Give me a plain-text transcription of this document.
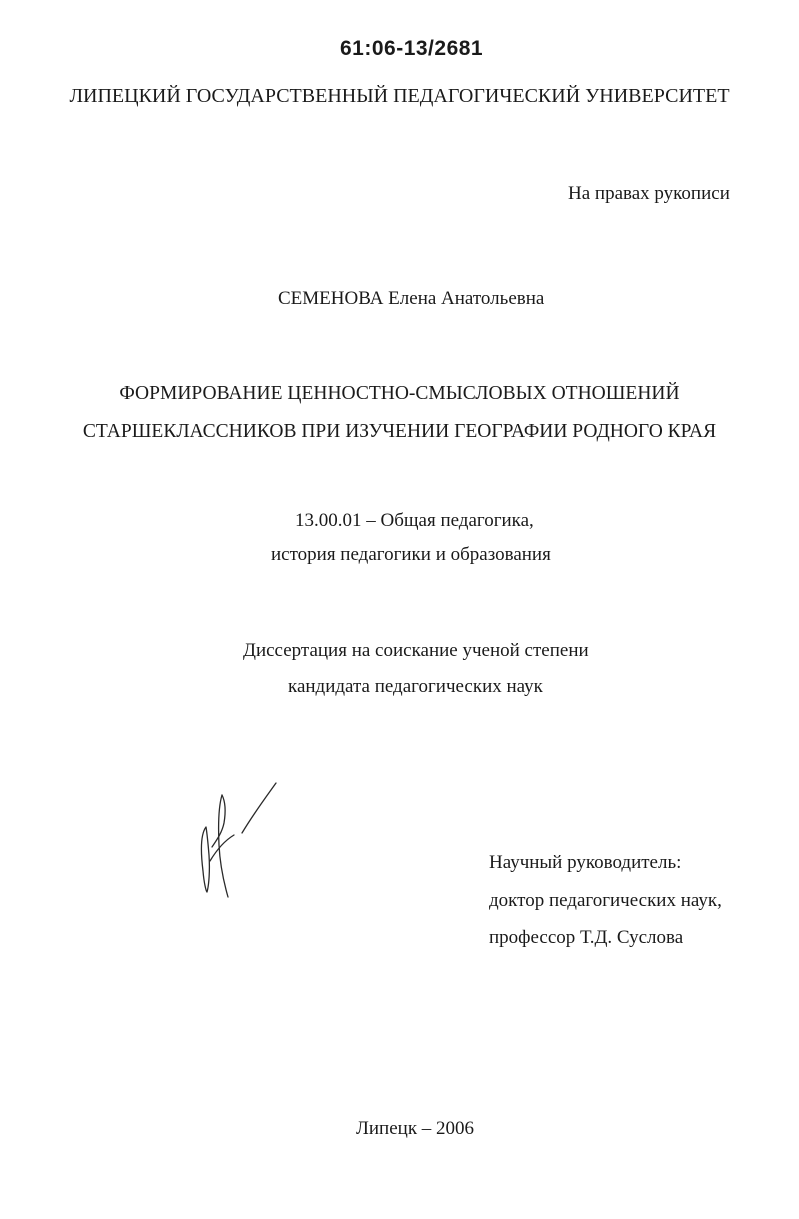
61:06-13/2681
ЛИПЕЦКИЙ ГОСУДАРСТВЕННЫЙ ПЕДАГОГИЧЕСКИЙ УНИВЕРСИТЕТ
На правах рукописи
СЕМЕНОВА Елена Анатольевна
ФОРМИРОВАНИЕ ЦЕННОСТНО-СМЫСЛОВЫХ ОТНОШЕНИЙ
СТАРШЕКЛАССНИКОВ ПРИ ИЗУЧЕНИИ ГЕОГРАФИИ РОДНОГО КРАЯ
13.00.01 – Общая педагогика,
история педагогики и образования
Диссертация на соискание ученой степени
кандидата педагогических наук
Научный руководитель:
доктор педагогических наук,
профессор Т.Д. Суслова
Липецк – 2006
